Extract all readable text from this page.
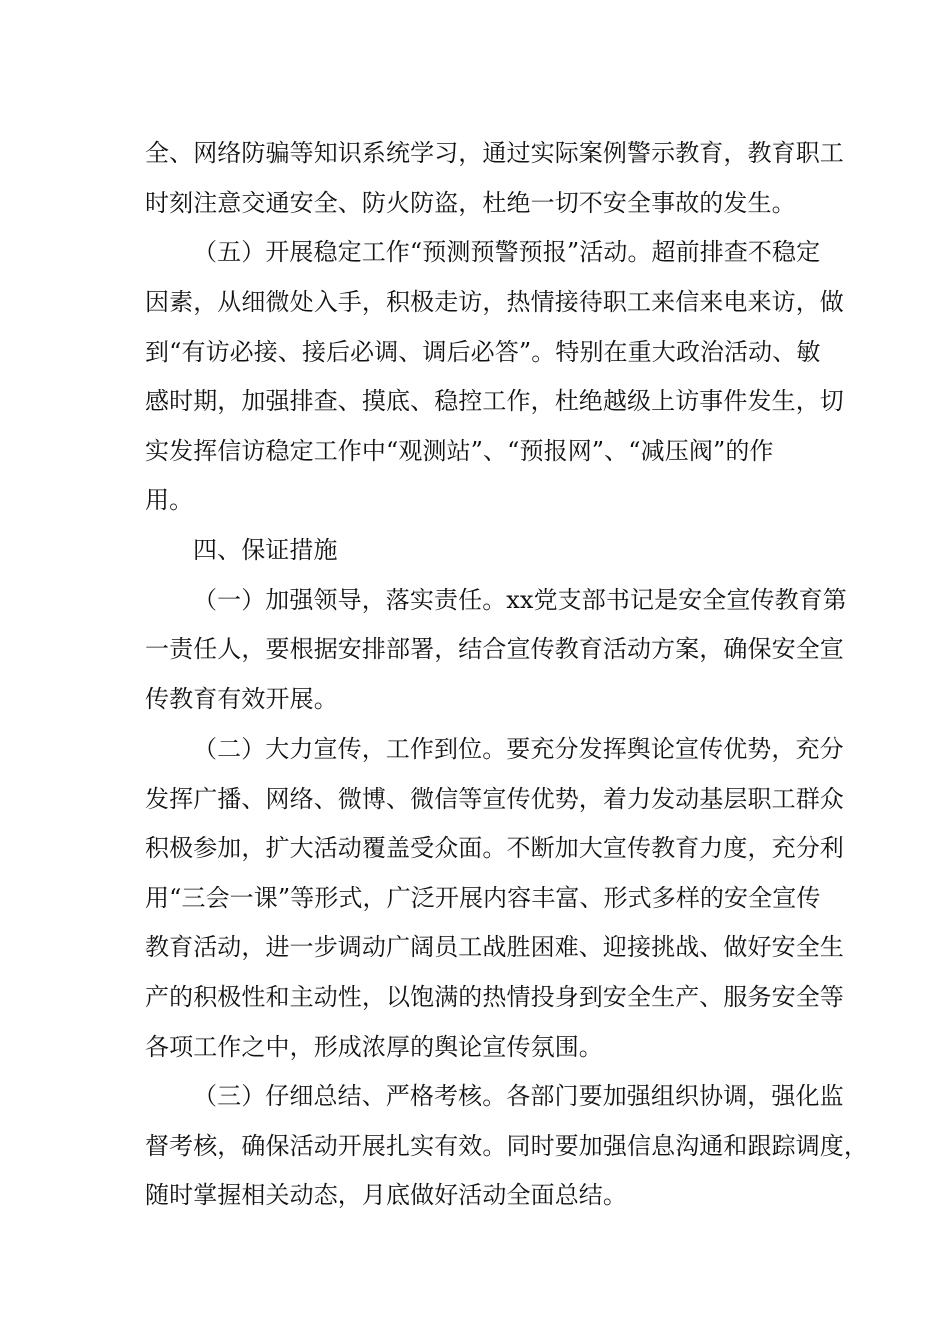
全、网络防骗等知识系统学习，通过实际案例警示教育，教育职工

时刻注意交通安全、防火防盗，杜绝一切不安全事故的发生。

（五）开展稳定工作“预测预警预报”活动。超前排查不稳定

因素，从细微处入手，积极走访，热情接待职工来信来电来访，做

到“有访必接、接后必调、调后必答”。特别在重大政治活动、敏

感时期，加强排查、摸底、稳控工作，杜绝越级上访事件发生，切

实发挥信访稳定工作中“观测站”、“预报网”、“减压阀”的作

用。

四、保证措施

（一）加强领导，落实责任。xx党支部书记是安全宣传教育第

一责任人，要根据安排部署，结合宣传教育活动方案，确保安全宣

传教育有效开展。

（二）大力宣传，工作到位。要充分发挥舆论宣传优势，充分

发挥广播、网络、微博、微信等宣传优势，着力发动基层职工群众

积极参加，扩大活动覆盖受众面。不断加大宣传教育力度，充分利

用“三会一课”等形式，广泛开展内容丰富、形式多样的安全宣传

教育活动，进一步调动广阔员工战胜困难、迎接挑战、做好安全生

产的积极性和主动性，以饱满的热情投身到安全生产、服务安全等

各项工作之中，形成浓厚的舆论宣传氛围。

（三）仔细总结、严格考核。各部门要加强组织协调，强化监

督考核，确保活动开展扎实有效。同时要加强信息沟通和跟踪调度，

随时掌握相关动态，月底做好活动全面总结。
